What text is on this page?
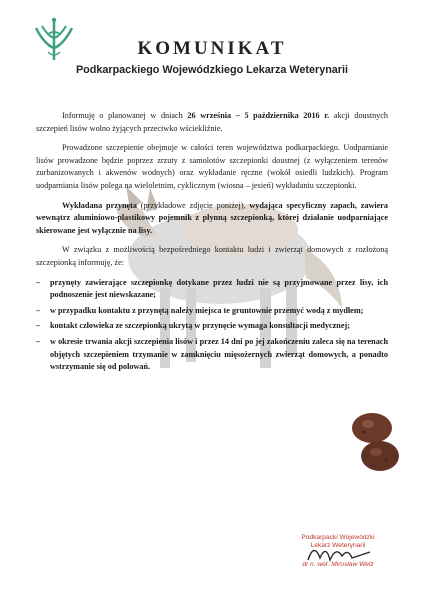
KOMUNIKAT
Podkarpackiego Wojewódzkiego Lekarza Weterynarii

Informuję o planowanej w dniach 26 września – 5 października 2016 r. akcji doustnych szczepień lisów wolno żyjących przeciwko wściekliźnie.

Prowadzone szczepienie obejmuje w całości teren województwa podkarpackiego. Uodparnianie lisów prowadzone będzie poprzez zrzuty z samolotów szczepionki doustnej (z wyłączeniem terenów zurbanizowanych i akwenów wodnych) oraz wykładanie ręczne (wokół osiedli ludzkich). Program uodparniania lisów polega na wieloletnim, cyklicznym (wiosna – jesień) wykładaniu szczepionki.

Wykładana przynęta (przykładowe zdjęcie poniżej), wydająca specyficzny zapach, zawiera wewnątrz aluminiowo-plastikowy pojemnik z płynną szczepionką, której działanie uodparniające skierowane jest wyłącznie na lisy.

W związku z możliwością bezpośredniego kontaktu ludzi i zwierząt domowych z rozłożoną szczepionką informuję, że:

– przynęty zawierające szczepionkę dotykane przez ludzi nie są przyjmowane przez lisy, ich podnoszenie jest niewskazane;
– w przypadku kontaktu z przynętą należy miejsca te gruntownie przemyć wodą z mydłem;
– kontakt człowieka ze szczepionką ukrytą w przynęcie wymaga konsultacji medycznej;
– w okresie trwania akcji szczepienia lisów i przez 14 dni po jej zakończeniu zaleca się na terenach objętych szczepieniem trzymanie w zamknięciu mięsożernych zwierząt domowych, a ponadto wstrzymanie się od polowań.
Podkarpacki Wojewódzki
Lekarz Weterynarii
dr n. wet. Mirosław Welz
